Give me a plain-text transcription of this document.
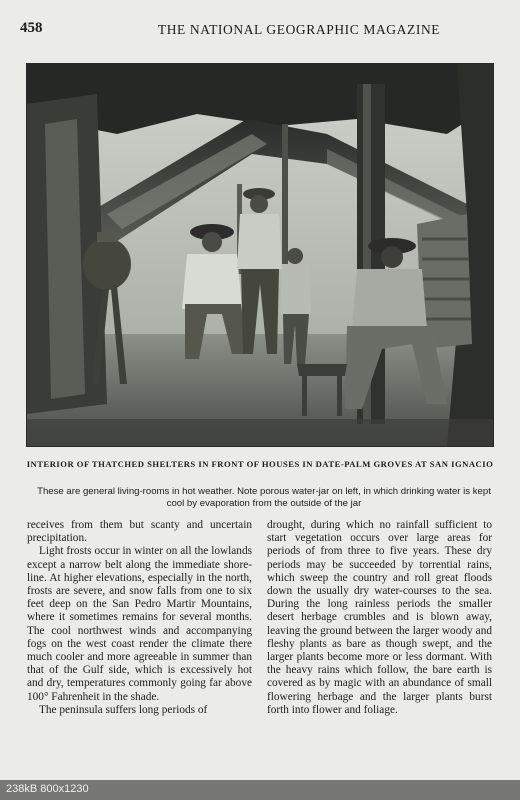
458	THE NATIONAL GEOGRAPHIC MAGAZINE
INTERIOR OF THATCHED SHELTERS IN FRONT OF HOUSES IN DATE-PALM GROVES AT SAN IGNACIO
These are general living-rooms in hot weather. Note porous water-jar on left, in which drinking water is kept cool by evaporation from the outside of the jar

receives from them but scanty and uncertain precipitation.

Light frosts occur in winter on all the lowlands except a narrow belt along the immediate shore-line. At higher elevations, especially in the north, frosts are severe, and snow falls from one to six feet deep on the San Pedro Martir Mountains, where it sometimes remains for several months. The cool northwest winds and accompanying fogs on the west coast render the climate there much cooler and more agreeable in summer than that of the Gulf side, which is excessively hot and dry, temperatures commonly going far above 100° Fahrenheit in the shade.

The peninsula suffers long periods of

drought, during which no rainfall sufficient to start vegetation occurs over large areas for periods of from three to five years. These dry periods may be succeeded by torrential rains, which sweep the country and roll great floods down the usually dry water-courses to the sea. During the long rainless periods the smaller desert herbage crumbles and is blown away, leaving the ground between the larger woody and fleshy plants as bare as though swept, and the larger plants become more or less dormant. With the heavy rains which follow, the bare earth is covered as by magic with an abundance of small flowering herbage and the larger plants burst forth into flower and foliage.

238kB 800x1230
